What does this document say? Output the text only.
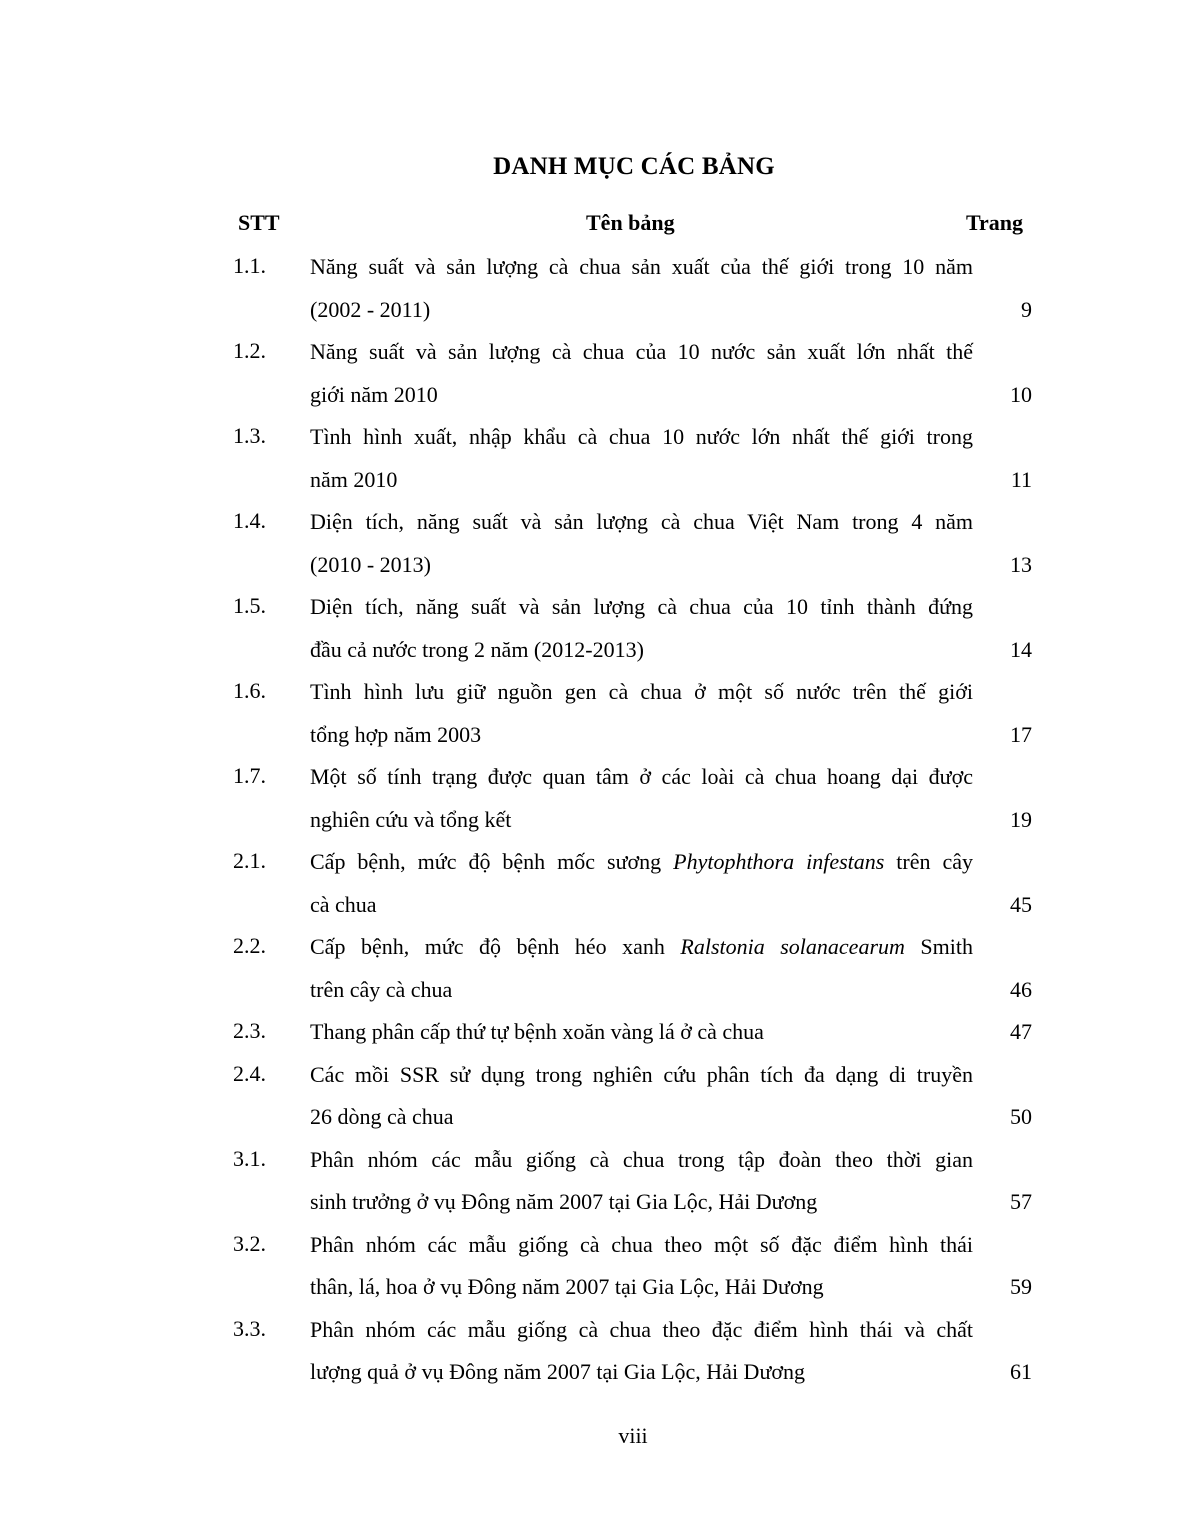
DANH MỤC CÁC BẢNG
STT	Tên bảng	Trang
1.1. Năng suất và sản lượng cà chua sản xuất của thế giới trong 10 năm
(2002 - 2011)	9
1.2. Năng suất và sản lượng cà chua của 10 nước sản xuất lớn nhất thế
giới năm 2010	10
1.3. Tình hình xuất, nhập khẩu cà chua 10 nước lớn nhất thế giới trong
năm 2010	11
1.4. Diện tích, năng suất và sản lượng cà chua Việt Nam trong 4 năm
(2010 - 2013)	13
1.5. Diện tích, năng suất và sản lượng cà chua của 10 tỉnh thành đứng
đầu cả nước trong 2 năm (2012-2013)	14
1.6. Tình hình lưu giữ nguồn gen cà chua ở một số nước trên thế giới
tổng hợp năm 2003	17
1.7. Một số tính trạng được quan tâm ở các loài cà chua hoang dại được
nghiên cứu và tổng kết	19
2.1. Cấp bệnh, mức độ bệnh mốc sương Phytophthora infestans trên cây
cà chua	45
2.2. Cấp bệnh, mức độ bệnh héo xanh Ralstonia solanacearum Smith
trên cây cà chua	46
2.3. Thang phân cấp thứ tự bệnh xoăn vàng lá ở cà chua	47
2.4. Các mồi SSR sử dụng trong nghiên cứu phân tích đa dạng di truyền
26 dòng cà chua	50
3.1. Phân nhóm các mẫu giống cà chua trong tập đoàn theo thời gian
sinh trưởng ở vụ Đông năm 2007 tại Gia Lộc, Hải Dương	57
3.2. Phân nhóm các mẫu giống cà chua theo một số đặc điểm hình thái
thân, lá, hoa ở vụ Đông năm 2007 tại Gia Lộc, Hải Dương	59
3.3. Phân nhóm các mẫu giống cà chua theo đặc điểm hình thái và chất
lượng quả ở vụ Đông năm 2007 tại Gia Lộc, Hải Dương	61
viii
